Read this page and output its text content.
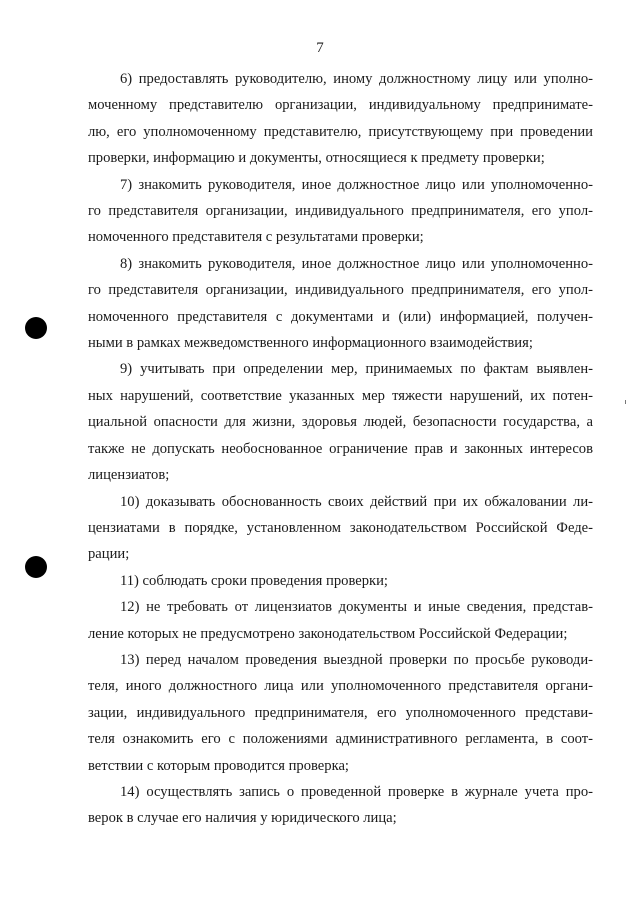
7
6) предоставлять руководителю, иному должностному лицу или уполно-
моченному представителю организации, индивидуальному предпринимате-
лю, его уполномоченному представителю, присутствующему при проведении
проверки, информацию и документы, относящиеся к предмету проверки;
7) знакомить руководителя, иное должностное лицо или уполномоченно-
го представителя организации, индивидуального предпринимателя, его упол-
номоченного представителя с результатами проверки;
8) знакомить руководителя, иное должностное лицо или уполномоченно-
го представителя организации, индивидуального предпринимателя, его упол-
номоченного представителя с документами и (или) информацией, получен-
ными в рамках межведомственного информационного взаимодействия;
9) учитывать при определении мер, принимаемых по фактам выявлен-
ных нарушений, соответствие указанных мер тяжести нарушений, их потен-
циальной опасности для жизни, здоровья людей, безопасности государства, а
также не допускать необоснованное ограничение прав и законных интересов
лицензиатов;
10) доказывать обоснованность своих действий при их обжаловании ли-
цензиатами в порядке, установленном законодательством Российской Феде-
рации;
11) соблюдать сроки проведения проверки;
12) не требовать от лицензиатов документы и иные сведения, представ-
ление которых не предусмотрено законодательством Российской Федерации;
13) перед началом проведения выездной проверки по просьбе руководи-
теля, иного должностного лица или уполномоченного представителя органи-
зации, индивидуального предпринимателя, его уполномоченного представи-
теля ознакомить его с положениями административного регламента, в соот-
ветствии с которым проводится проверка;
14) осуществлять запись о проведенной проверке в журнале учета про-
верок в случае его наличия у юридического лица;
